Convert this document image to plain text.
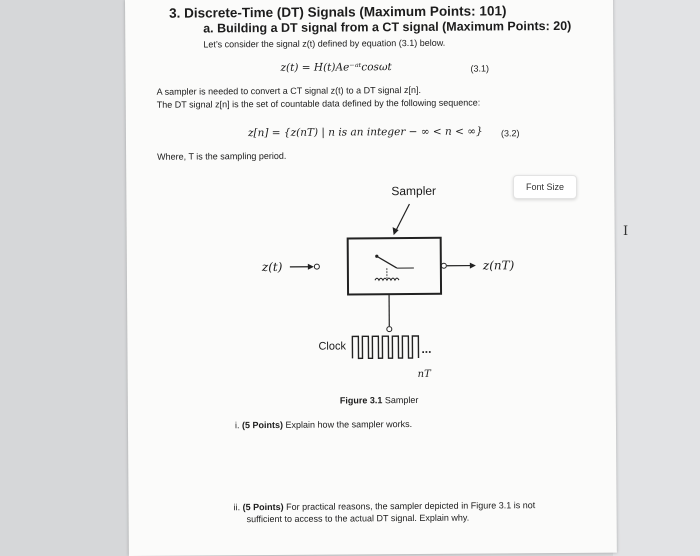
I
3. Discrete-Time (DT) Signals (Maximum Points: 101)
a. Building a DT signal from a CT signal (Maximum Points: 20)
Let’s consider the signal z(t) defined by equation (3.1) below.
z(t) = H(t)Ae⁻ᵃᵗcosωt	(3.1)
A sampler is needed to convert a CT signal z(t) to a DT signal z[n].
The DT signal z[n] is the set of countable data defined by the following sequence:
z[n] = {z(nT) | n is an integer − ∞ < n < ∞} (3.2)
Where, T is the sampling period.
Sampler
z(t)	z(nT)
Clock	...
nT
Figure 3.1 Sampler
i. (5 Points) Explain how the sampler works.
ii. (5 Points) For practical reasons, the sampler depicted in Figure 3.1 is not
sufficient to access to the actual DT signal. Explain why.
Font Size
